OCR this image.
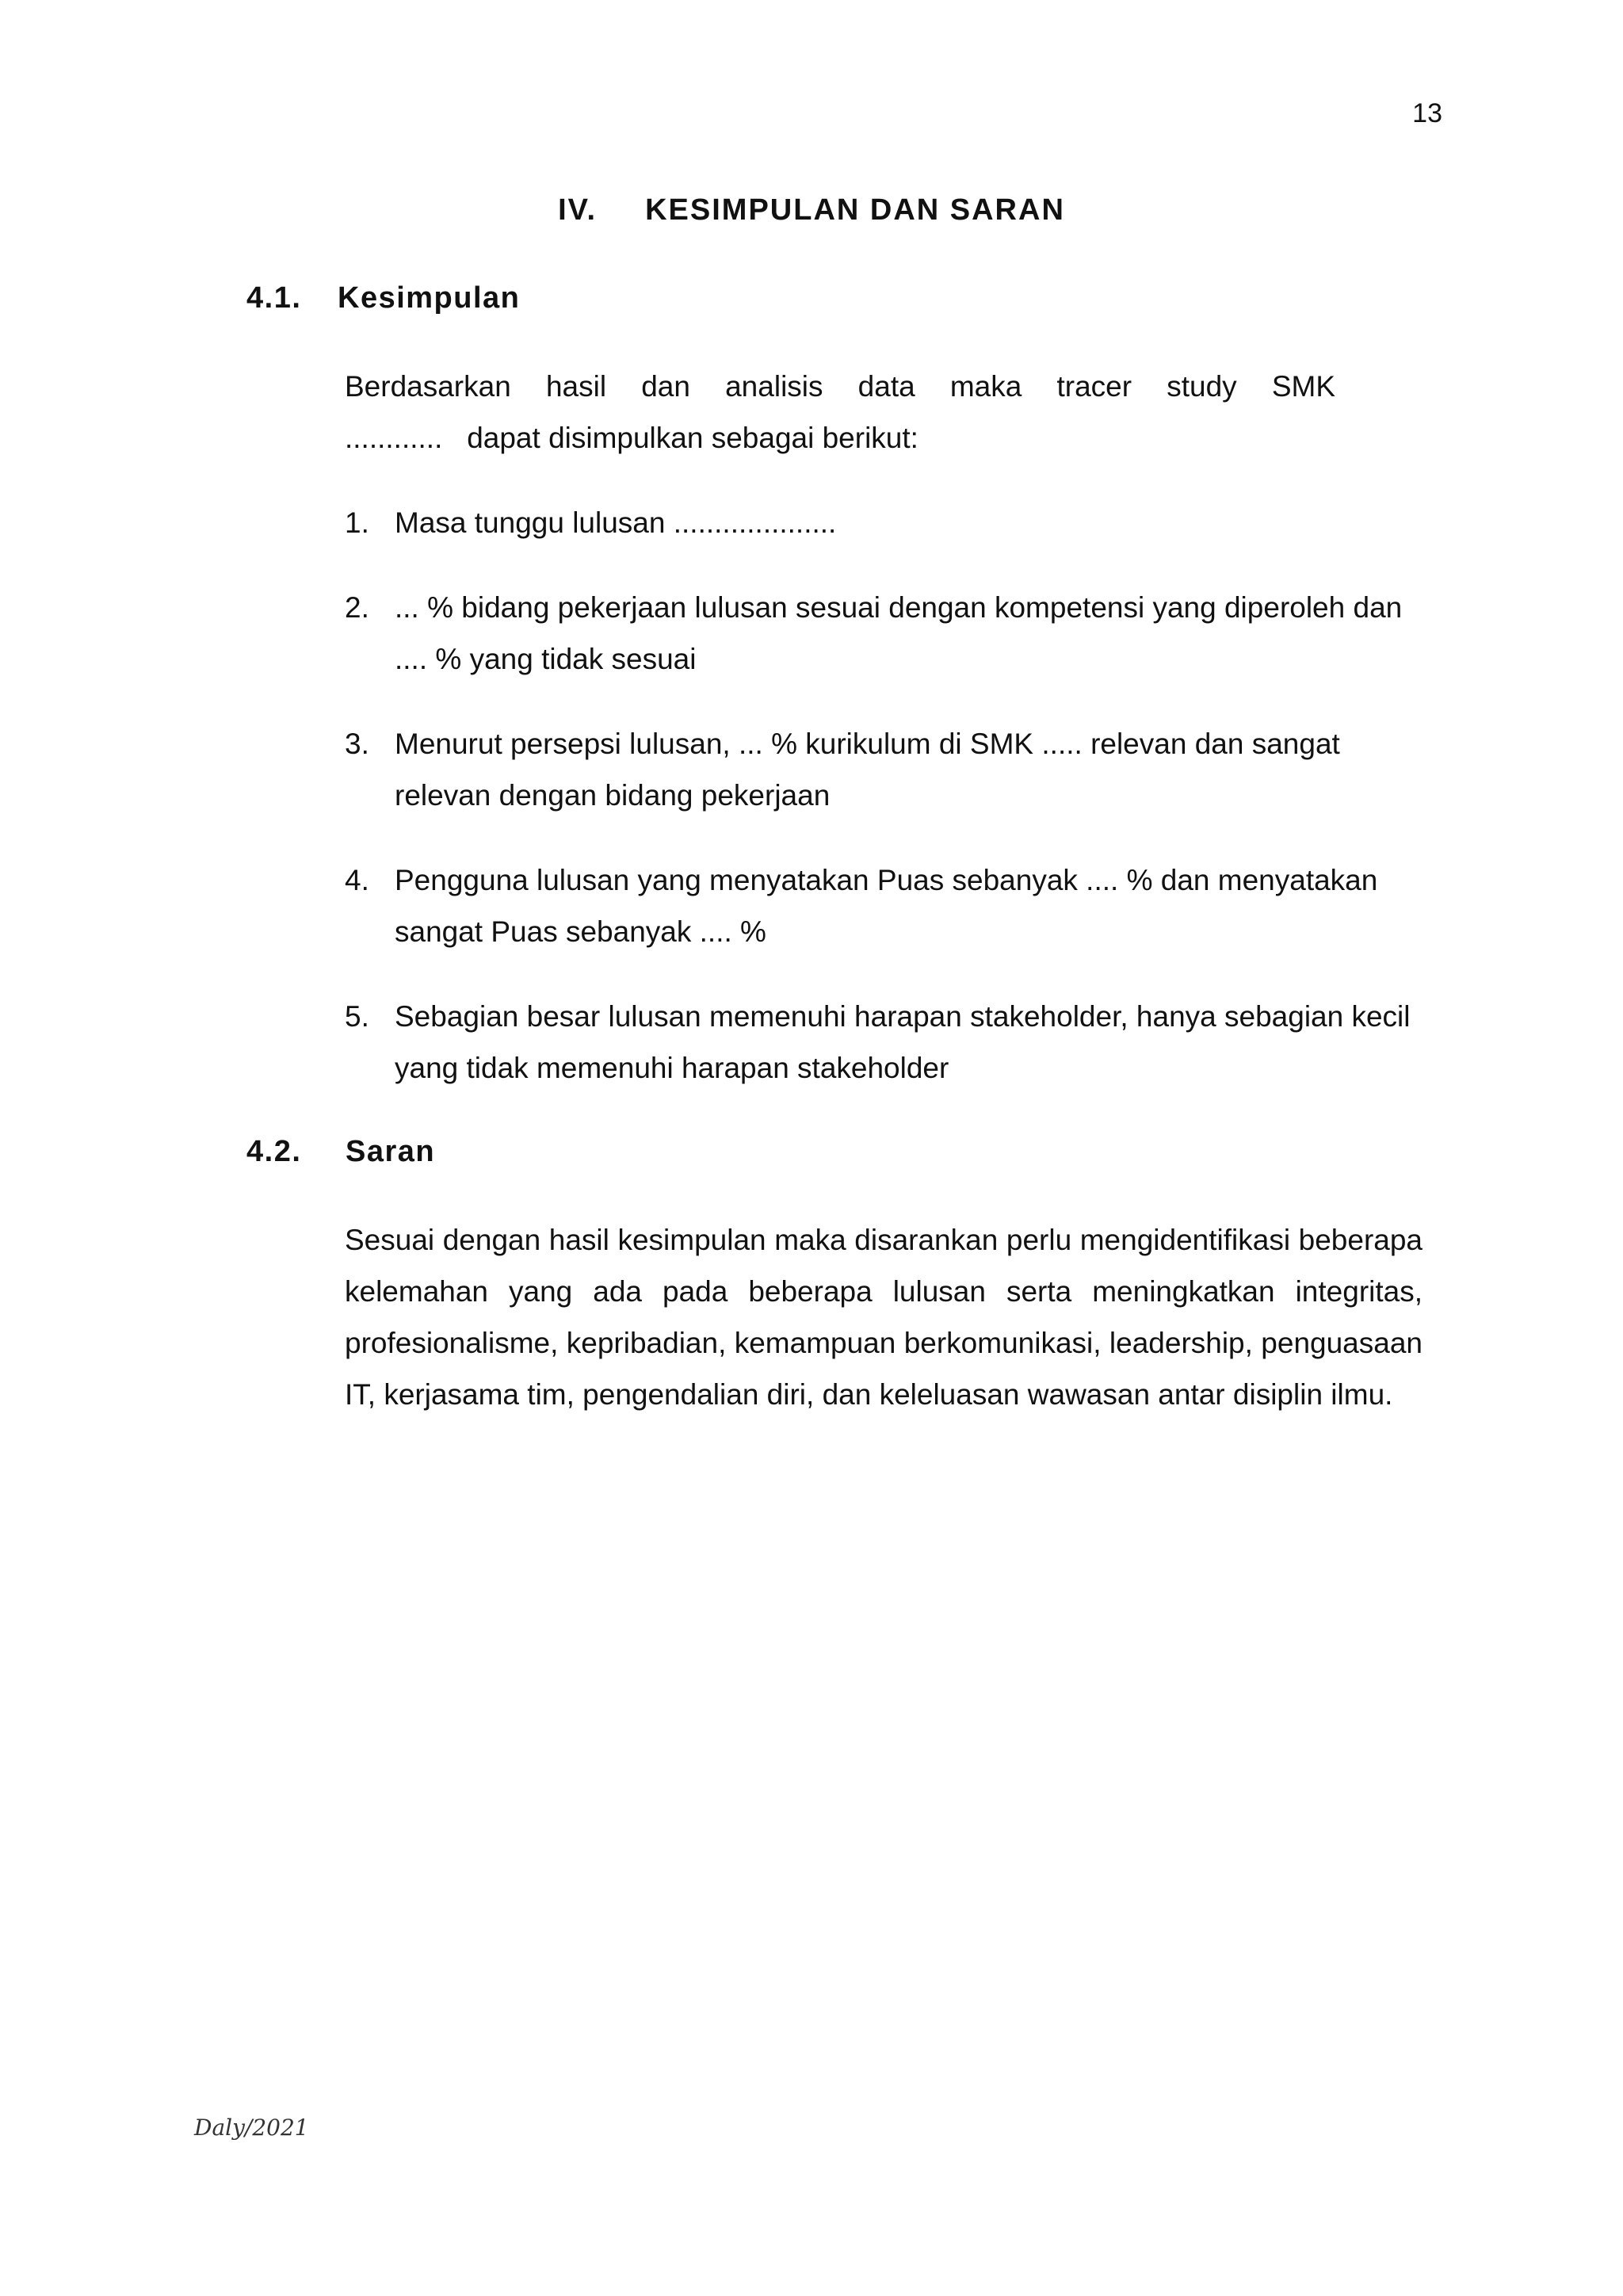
13
IV. KESIMPULAN DAN SARAN
4.1. Kesimpulan
Berdasarkan hasil dan analisis data maka tracer study SMK
............   dapat disimpulkan sebagai berikut:
1. Masa tunggu lulusan ....................
2. ... % bidang pekerjaan lulusan sesuai dengan kompetensi yang diperoleh dan .... % yang tidak sesuai
3. Menurut persepsi lulusan, ... % kurikulum di SMK ..... relevan dan sangat relevan dengan bidang pekerjaan
4. Pengguna lulusan yang menyatakan Puas sebanyak .... % dan menyatakan sangat Puas sebanyak .... %
5. Sebagian besar lulusan memenuhi harapan stakeholder, hanya sebagian kecil yang tidak memenuhi harapan stakeholder
4.2. Saran
Sesuai dengan hasil kesimpulan maka disarankan perlu mengidentifikasi beberapa kelemahan yang ada pada beberapa lulusan serta meningkatkan integritas, profesionalisme, kepribadian, kemampuan berkomunikasi, leadership, penguasaan IT, kerjasama tim, pengendalian diri, dan keleluasan wawasan antar disiplin ilmu.
Daly/2021
